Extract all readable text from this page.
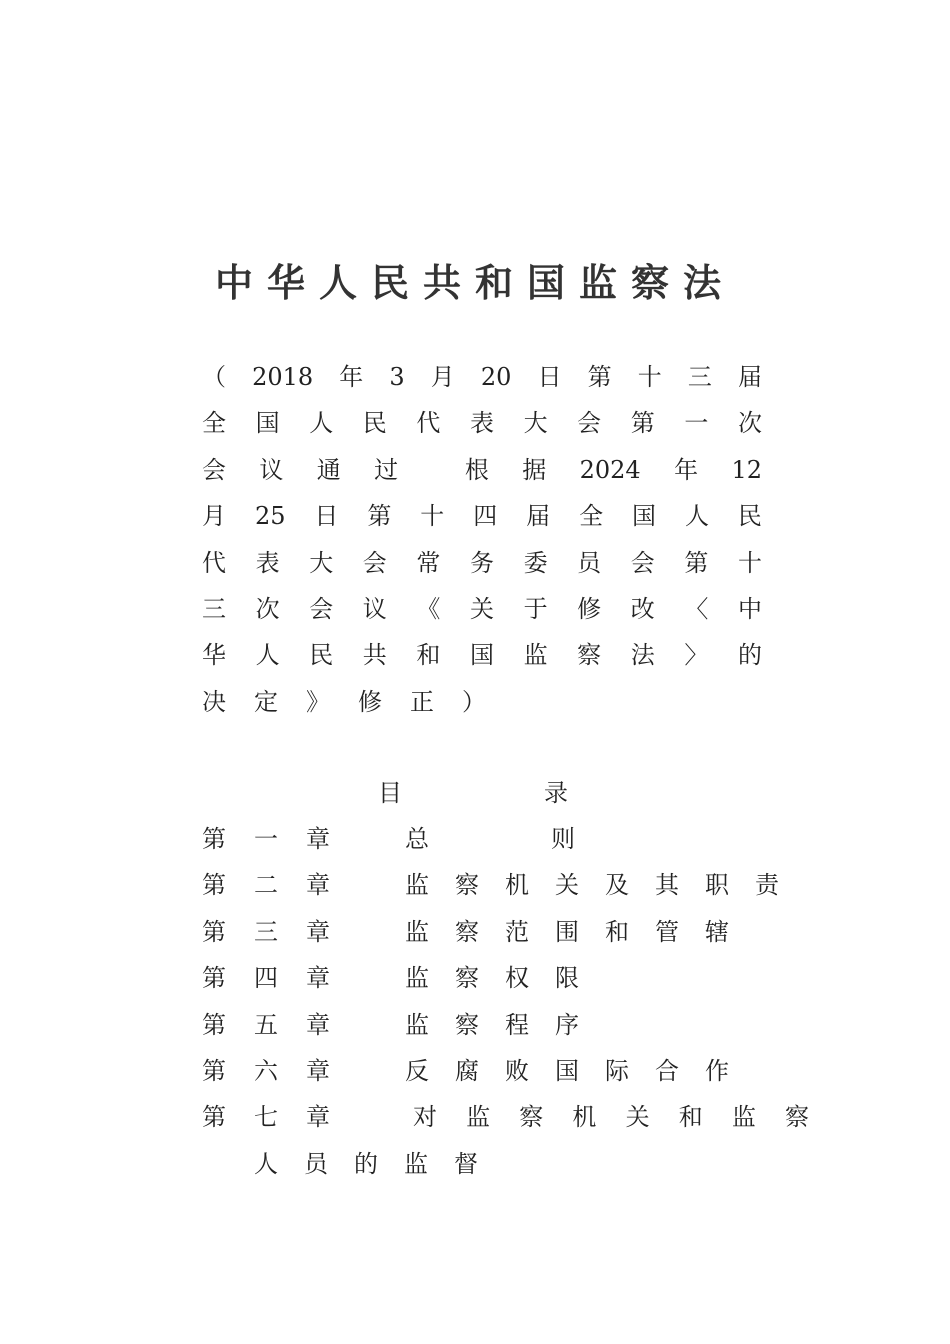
中华人民共和国监察法
（ 2018 年 3 月 20 日 第 十 三 届
全 国 人 民 代 表 大 会 第 一 次
会 议 通 过	根 据 2024 年 12
月 25 日 第 十 四 届 全 国 人 民
代 表 大 会 常 务 委 员 会 第 十
三 次 会 议 《 关 于 修 改 〈 中
华 人 民 共 和 国 监 察 法 〉 的
决 定 》 修 正 ）
目	录
第 一 章	总则
第 二 章	监察机关及其职责
第 三 章	监察范围和管辖
第 四 章	监察权限
第 五 章	监察程序
第 六 章	反腐败国际合作
第 七 章	对 监 察 机 关 和 监 察
人员的监督
